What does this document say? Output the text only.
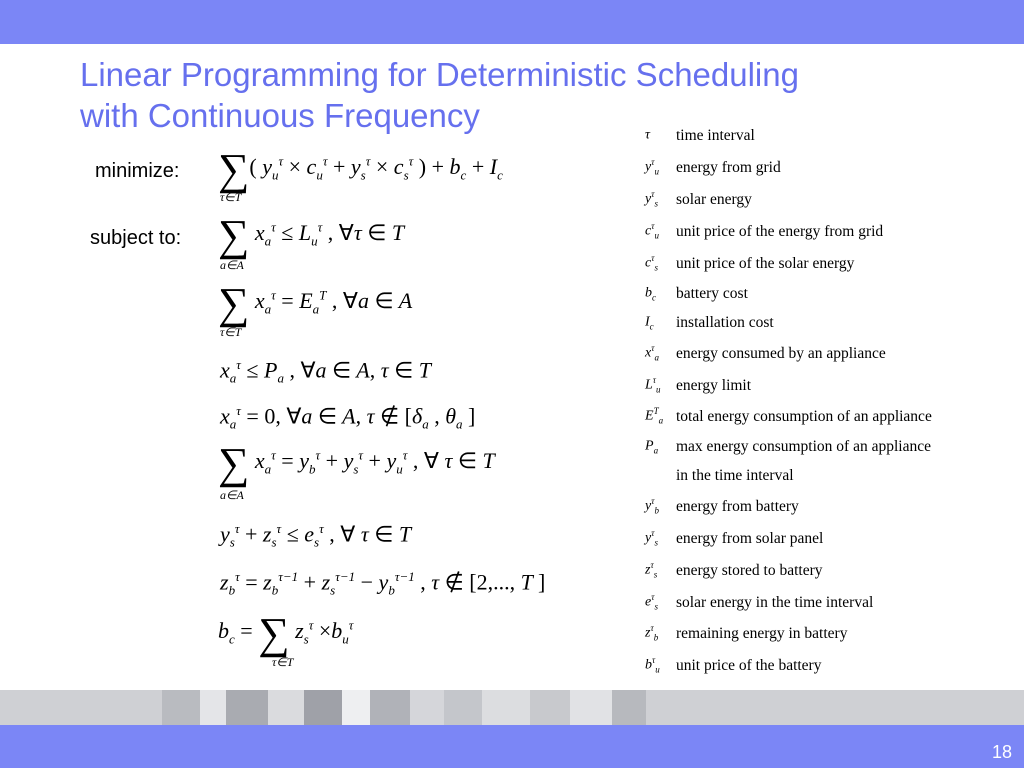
Linear Programming for Deterministic Scheduling
with Continuous Frequency
minimize:
subject to:
∑( $y_u^\tau \times c_u^\tau + y_s^\tau \times c_s^\tau$ ) + $b_c + I_c$
τ∈T
∑ $x_a^\tau \le L_u^\tau$ , ∀τ ∈ T
a∈A
∑ $x_a^\tau = E_a^T$ , ∀a ∈ A
τ∈T
$x_a^\tau \le P_a$ , ∀a ∈ A, τ ∈ T
$x_a^\tau = 0$, ∀a ∈ A, τ ∉ [$\delta_a$ , $\theta_a$ ]
∑ $x_a^\tau = y_b^\tau + y_s^\tau + y_u^\tau$ , ∀ τ ∈ T
a∈A
$y_s^\tau + z_s^\tau \le e_s^\tau$ , ∀ τ ∈ T
$z_b^\tau = z_b^{\tau-1} + z_s^{\tau-1} - y_b^{\tau-1}$ , τ ∉ [2,..., T ]
$b_c$ = ∑ $z_s^\tau \times b_u^\tau$
τ∈T
τ	time interval
$y^\tau_u$	energy from grid
$y^\tau_s$	solar energy
$c^\tau_u$	unit price of the energy from grid
$c^\tau_s$	unit price of the solar energy
$b_c$	battery cost
$I_c$	installation cost
$x^\tau_a$	energy consumed by an appliance
$L^\tau_u$ energy limit
$E^T_a$ total energy consumption of an appliance
$P_a$	max energy consumption of an appliance
in the time interval
$y^\tau_b$	energy from battery
$y^\tau_s$	energy from solar panel
$z^\tau_s$	energy stored to battery
$e^\tau_s$	solar energy in the time interval
$z^\tau_b$	remaining energy in battery
$b^\tau_u$	unit price of the battery
18
